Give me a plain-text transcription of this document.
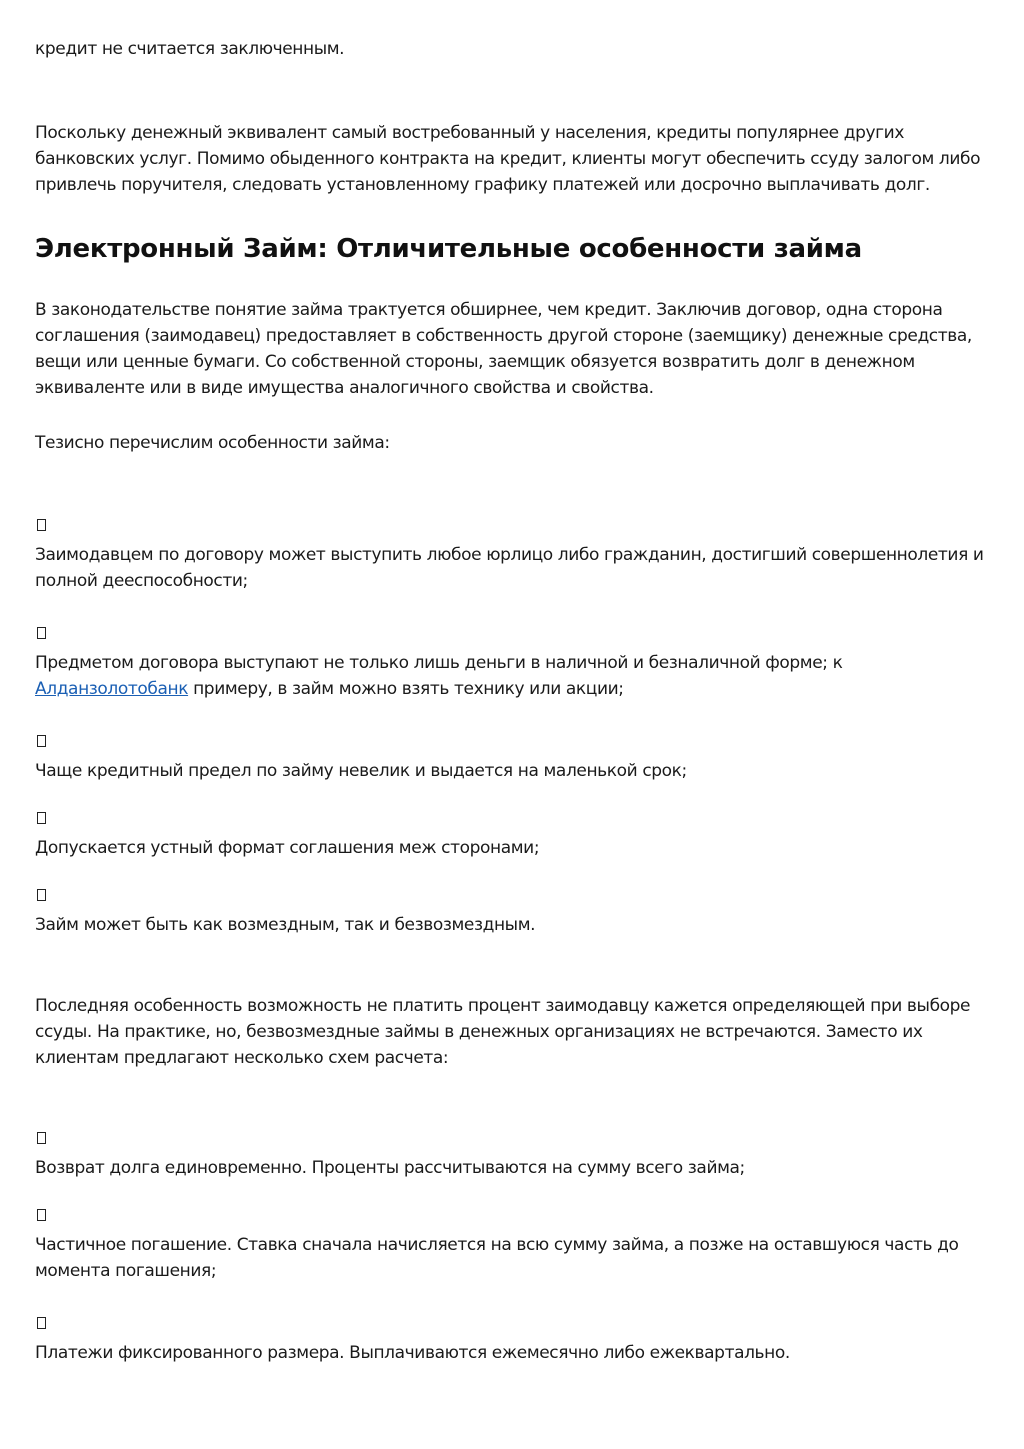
кредит не считается заключенным.

Поскольку денежный эквивалент самый востребованный у населения, кредиты популярнее других банковских услуг. Помимо обыденного контракта на кредит, клиенты могут обеспечить ссуду залогом либо привлечь поручителя, следовать установленному графику платежей или досрочно выплачивать долг.

Электронный Займ: Отличительные особенности займа

В законодательстве понятие займа трактуется обширнее, чем кредит. Заключив договор, одна сторона соглашения (заимодавец) предоставляет в собственность другой стороне (заемщику) денежные средства, вещи или ценные бумаги. Со собственной стороны, заемщик обязуется возвратить долг в денежном эквиваленте или в виде имущества аналогичного свойства и свойства.

Тезисно перечислим особенности займа:

Заимодавцем по договору может выступить любое юрлицо либо гражданин, достигший совершеннолетия и полной дееспособности;

Предметом договора выступают не только лишь деньги в наличной и безналичной форме; к Алданзолотобанк примеру, в займ можно взять технику или акции;

Чаще кредитный предел по займу невелик и выдается на маленькой срок;

Допускается устный формат соглашения меж сторонами;

Займ может быть как возмездным, так и безвозмездным.

Последняя особенность возможность не платить процент заимодавцу кажется определяющей при выборе ссуды. На практике, но, безвозмездные займы в денежных организациях не встречаются. Заместо их клиентам предлагают несколько схем расчета:

Возврат долга единовременно. Проценты рассчитываются на сумму всего займа;

Частичное погашение. Ставка сначала начисляется на всю сумму займа, а позже на оставшуюся часть до момента погашения;

Платежи фиксированного размера. Выплачиваются ежемесячно либо ежеквартально.
